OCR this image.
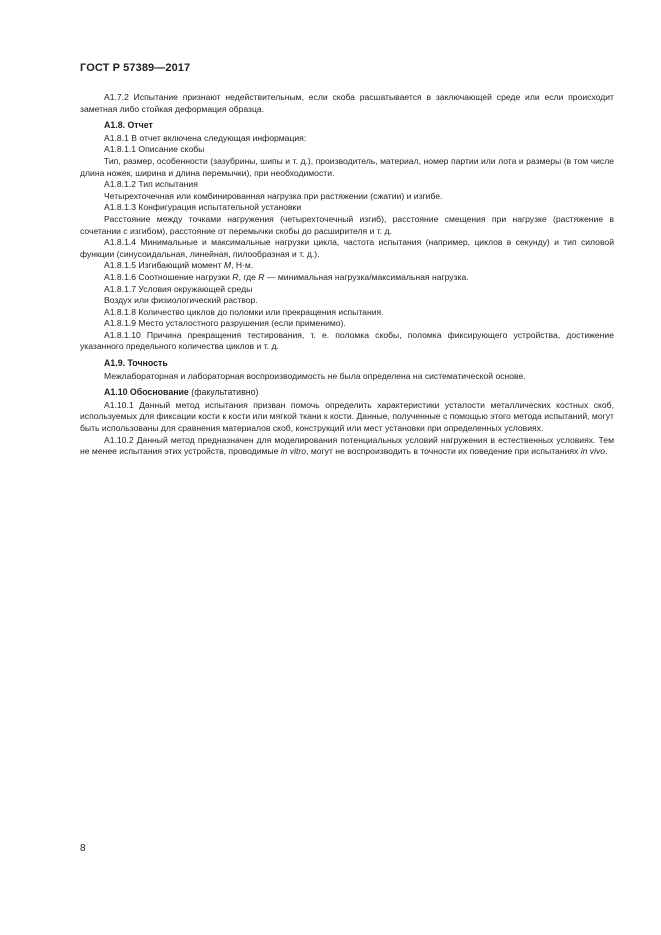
ГОСТ Р 57389—2017

А1.7.2 Испытание признают недействительным, если скоба расшатывается в заключающей среде или если происходит заметная либо стойкая деформация образца.

А1.8. Отчет

А1.8.1 В отчет включена следующая информация:

А1.8.1.1 Описание скобы

Тип, размер, особенности (зазубрины, шипы и т. д.), производитель, материал, номер партии или лота и размеры (в том числе длина ножек, ширина и длина перемычки), при необходимости.

А1.8.1.2 Тип испытания

Четырехточечная или комбинированная нагрузка при растяжении (сжатии) и изгибе.

А1.8.1.3 Конфигурация испытательной установки

Расстояние между точками нагружения (четырехточечный изгиб), расстояние смещения при нагрузке (растяжение в сочетании с изгибом), расстояние от перемычки скобы до расширителя и т. д.

А1.8.1.4 Минимальные и максимальные нагрузки цикла, частота испытания (например, циклов в секунду) и тип силовой функции (синусоидальная, линейная, пилообразная и т. д.).

А1.8.1.5 Изгибающий момент М, Н·м.

А1.8.1.6 Соотношение нагрузки R, где R — минимальная нагрузка/максимальная нагрузка.

А1.8.1.7 Условия окружающей среды

Воздух или физиологический раствор.

А1.8.1.8 Количество циклов до поломки или прекращения испытания.

А1.8.1.9 Место усталостного разрушения (если применимо).

А1.8.1.10 Причина прекращения тестирования, т. е. поломка скобы, поломка фиксирующего устройства, достижение указанного предельного количества циклов и т. д.

А1.9. Точность

Межлабораторная и лабораторная воспроизводимость не была определена на систематической основе.

А1.10 Обоснование (факультативно)

А1.10.1 Данный метод испытания призван помочь определить характеристики усталости металлических костных скоб, используемых для фиксации кости к кости или мягкой ткани к кости. Данные, полученные с помощью этого метода испытаний, могут быть использованы для сравнения материалов скоб, конструкций или мест установки при определенных условиях.

А1.10.2 Данный метод предназначен для моделирования потенциальных условий нагружения в естественных условиях. Тем не менее испытания этих устройств, проводимые in vitro, могут не воспроизводить в точности их поведение при испытаниях in vivo.

8
